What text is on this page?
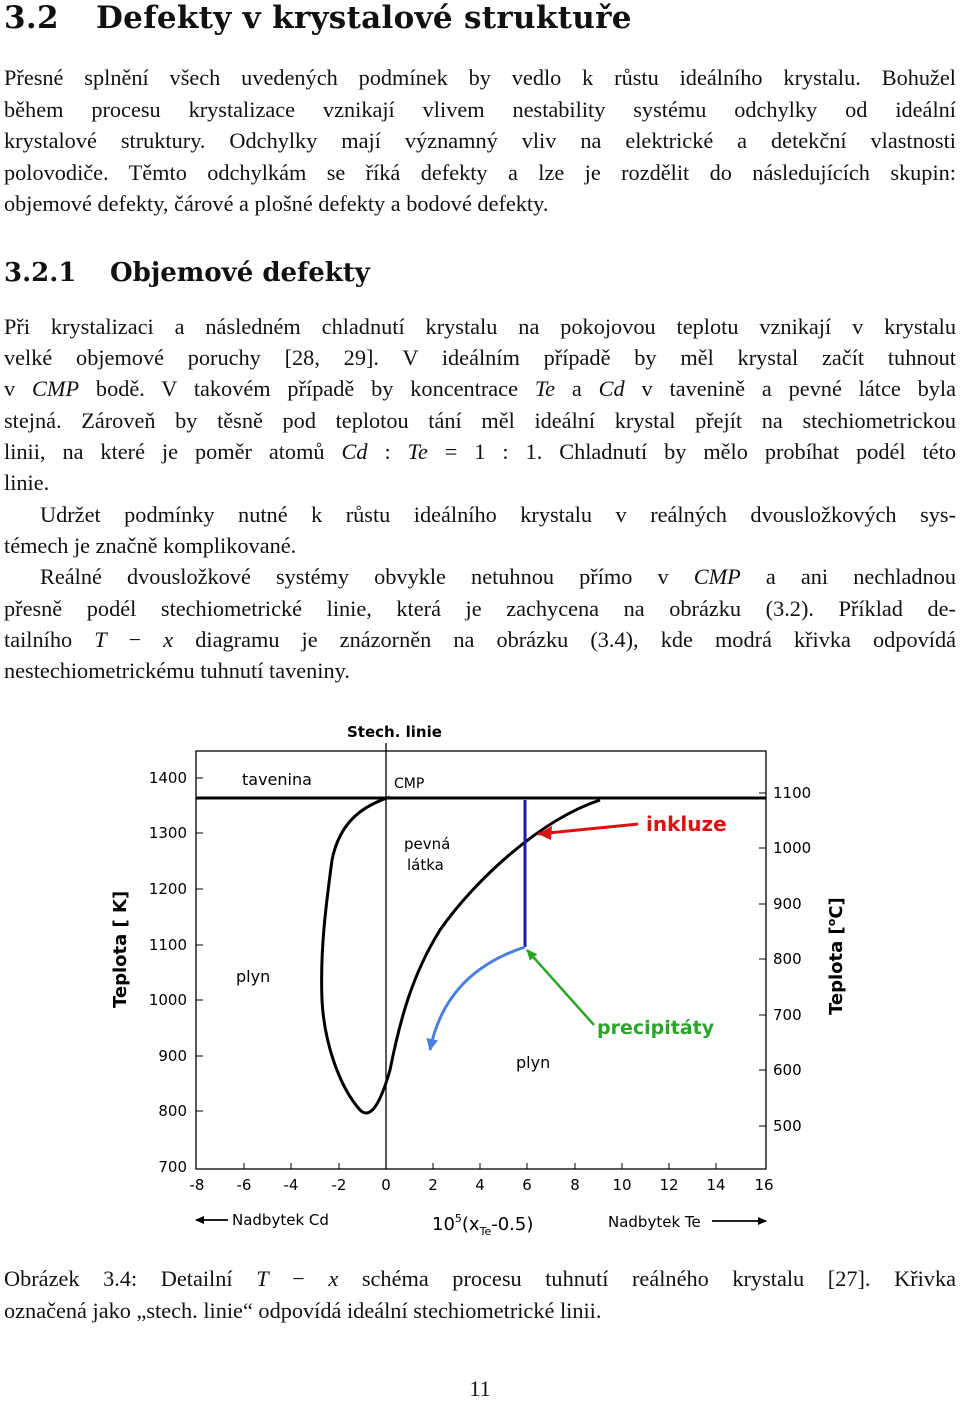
3.2 Defekty v krystalové struktuře
Přesné splnění všech uvedených podmínek by vedlo k růstu ideálního krystalu. Bohužel
během procesu krystalizace vznikají vlivem nestability systému odchylky od ideální
krystalové struktury. Odchylky mají významný vliv na elektrické a detekční vlastnosti
polovodiče. Těmto odchylkám se říká defekty a lze je rozdělit do následujících skupin:
objemové defekty, čárové a plošné defekty a bodové defekty.
3.2.1 Objemové defekty
Při krystalizaci a následném chladnutí krystalu na pokojovou teplotu vznikají v krystalu
velké objemové poruchy [28, 29]. V ideálním případě by měl krystal začít tuhnout
v CMP bodě. V takovém případě by koncentrace Te a Cd v tavenině a pevné látce byla
stejná. Zároveň by těsně pod teplotou tání měl ideální krystal přejít na stechiometrickou
linii, na které je poměr atomů Cd : Te = 1 : 1. Chladnutí by mělo probíhat podél této
linie.
Udržet podmínky nutné k růstu ideálního krystalu v reálných dvousložkových sys-
témech je značně komplikované.
Reálné dvousložkové systémy obvykle netuhnou přímo v CMP a ani nechladnou
přesně podél stechiometrické linie, která je zachycena na obrázku (3.2). Příklad de-
tailního T − x diagramu je znázorněn na obrázku (3.4), kde modrá křivka odpovídá
nestechiometrickému tuhnutí taveniny.
1400
1300
1200
1100
1000
900
800
700
Teplota [ K]
1100
1000
900
800
700
600
500
Teplota [$^o$C]
-8 -6 -4 -2 0 2 4 6	8 10 12 14 16
$10^5(x_{Te}-0.5)$
Nadbytek Cd	Nadbytek Te
Stech. linie
CMP
tavenina
pevná
látka
plyn
plyn
inkluze
precipitáty
Obrázek 3.4: Detailní T − x schéma procesu tuhnutí reálného krystalu [27]. Křivka
označená jako „stech. linie“ odpovídá ideální stechiometrické linii.
11
